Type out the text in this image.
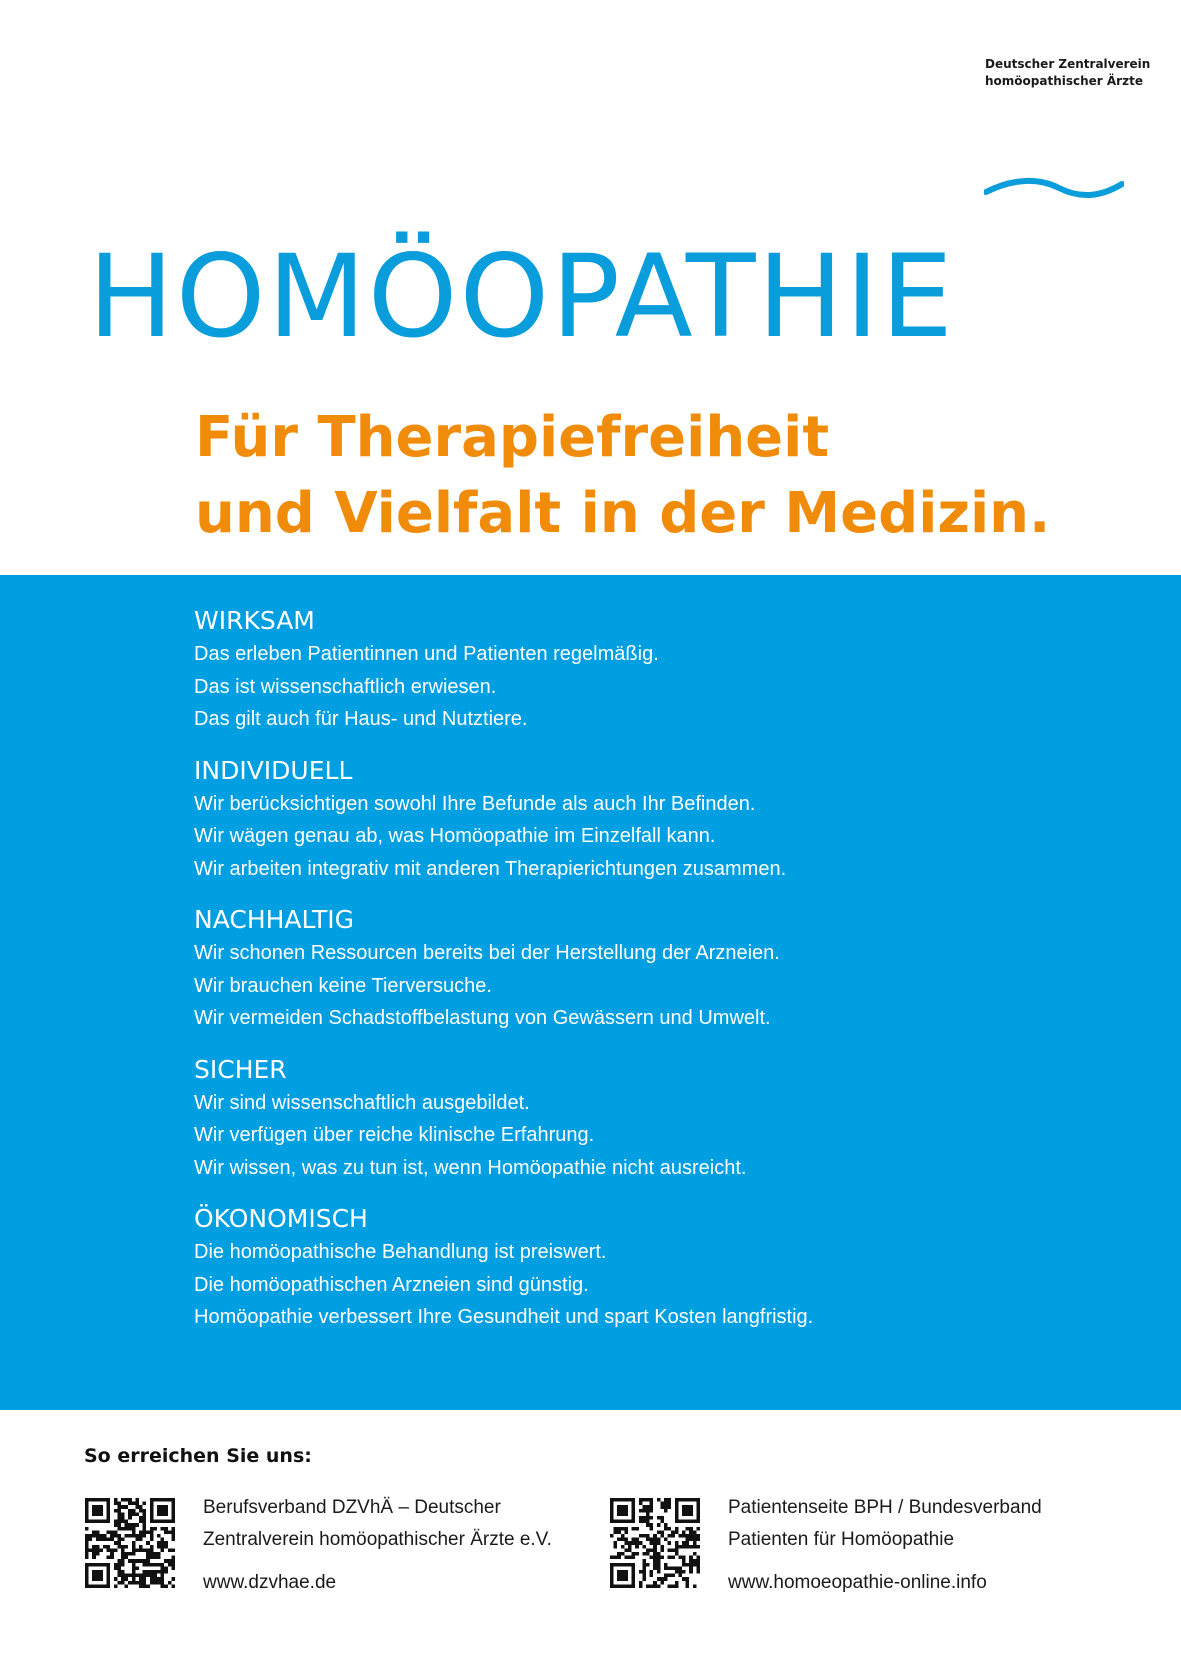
Deutscher Zentralverein
homöopathischer Ärzte
HOMÖOPATHIE
Für Therapiefreiheit
und Vielfalt in der Medizin.
WIRKSAM

Das erleben Patientinnen und Patienten regelmäßig.

Das ist wissenschaftlich erwiesen.

Das gilt auch für Haus- und Nutztiere.

INDIVIDUELL

Wir berücksichtigen sowohl Ihre Befunde als auch Ihr Befinden.

Wir wägen genau ab, was Homöopathie im Einzelfall kann.

Wir arbeiten integrativ mit anderen Therapierichtungen zusammen.

NACHHALTIG

Wir schonen Ressourcen bereits bei der Herstellung der Arzneien.

Wir brauchen keine Tierversuche.

Wir vermeiden Schadstoffbelastung von Gewässern und Umwelt.

SICHER

Wir sind wissenschaftlich ausgebildet.

Wir verfügen über reiche klinische Erfahrung.

Wir wissen, was zu tun ist, wenn Homöopathie nicht ausreicht.

ÖKONOMISCH

Die homöopathische Behandlung ist preiswert.

Die homöopathischen Arzneien sind günstig.

Homöopathie verbessert Ihre Gesundheit und spart Kosten langfristig.

So erreichen Sie uns:
Berufsverband DZVhÄ – Deutscher
Zentralverein homöopathischer Ärzte e.V.
www.dzvhae.de
Patientenseite BPH / Bundesverband
Patienten für Homöopathie
www.homoeopathie-online.info
